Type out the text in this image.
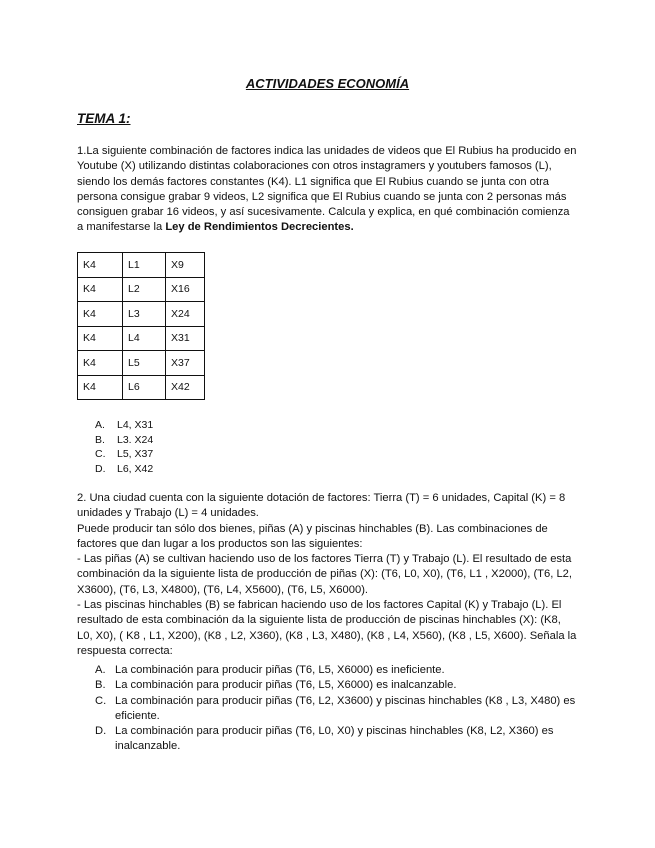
ACTIVIDADES ECONOMÍA
TEMA 1:
1.La siguiente combinación de factores indica las unidades de videos que El Rubius ha producido en Youtube (X) utilizando distintas colaboraciones con otros instagramers y youtubers famosos (L), siendo los demás factores constantes (K4). L1 significa que El Rubius cuando se junta con otra persona consigue grabar 9 videos, L2 significa que El Rubius cuando se junta con 2 personas más consiguen grabar 16 videos, y así sucesivamente. Calcula y explica, en qué combinación comienza a manifestarse la Ley de Rendimientos Decrecientes.
K4	L1	X9
K4	L2	X16
K4	L3	X24
K4	L4	X31
K4	L5	X37
K4	L6	X42
A.	L4, X31
B.	L3. X24
C.	L5, X37
D.	L6, X42

2. Una ciudad cuenta con la siguiente dotación de factores: Tierra (T) = 6 unidades, Capital (K) = 8 unidades y Trabajo (L) = 4 unidades.

Puede producir tan sólo dos bienes, piñas (A) y piscinas hinchables (B). Las combinaciones de factores que dan lugar a los productos son las siguientes:

- Las piñas (A) se cultivan haciendo uso de los factores Tierra (T) y Trabajo (L). El resultado de esta combinación da la siguiente lista de producción de piñas (X): (T6, L0, X0), (T6, L1 , X2000), (T6, L2, X3600), (T6, L3, X4800), (T6, L4, X5600), (T6, L5, X6000).

- Las piscinas hinchables (B) se fabrican haciendo uso de los factores Capital (K) y Trabajo (L). El resultado de esta combinación da la siguiente lista de producción de piscinas hinchables (X): (K8, L0, X0), ( K8 , L1, X200), (K8 , L2, X360), (K8 , L3, X480), (K8 , L4, X560), (K8 , L5, X600). Señala la respuesta correcta:

A. La combinación para producir piñas (T6, L5, X6000) es ineficiente.
B. La combinación para producir piñas (T6, L5, X6000) es inalcanzable.
C. La combinación para producir piñas (T6, L2, X3600) y piscinas hinchables (K8 , L3, X480) es eficiente.
D. La combinación para producir piñas (T6, L0, X0) y piscinas hinchables (K8, L2, X360) es inalcanzable.
